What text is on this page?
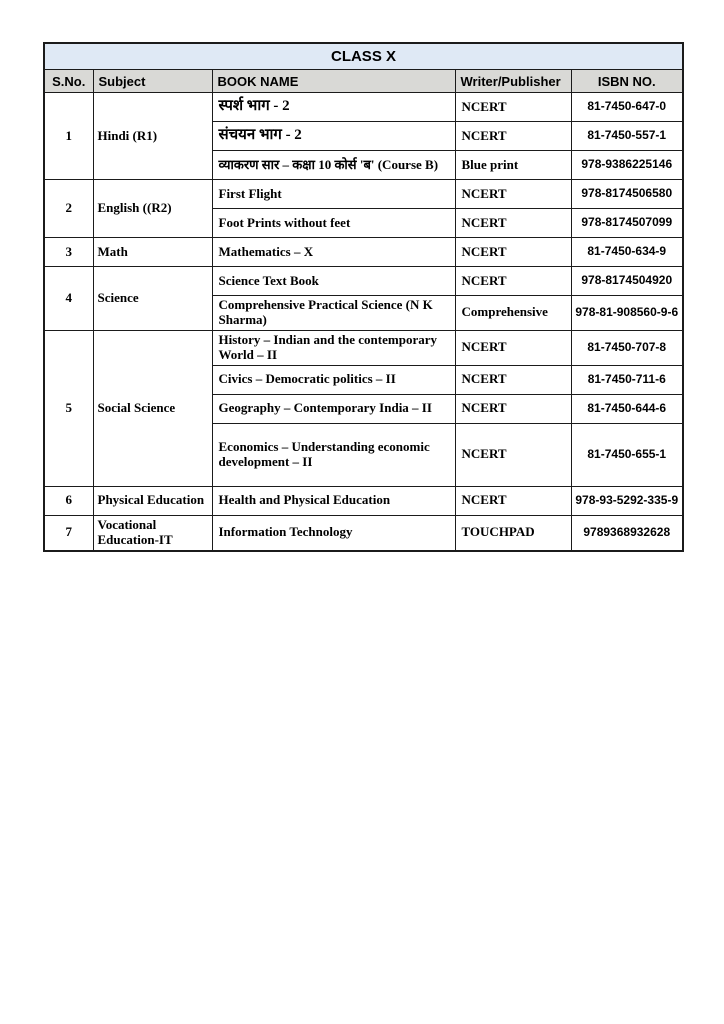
CLASS X				
S.No.	Subject	BOOK NAME	Writer/Publisher	ISBN NO.
1	Hindi (R1)	स्पर्श भाग - 2	NCERT	81-7450-647-0
		संचयन भाग - 2	NCERT	81-7450-557-1
		व्याकरण सार – कक्षा 10 कोर्स 'ब' (Course B)	Blue print	978-9386225146
2	English ((R2)	First Flight	NCERT	978-8174506580
		Foot Prints without feet	NCERT	978-8174507099
3	Math	Mathematics – X	NCERT	81-7450-634-9
4	Science	Science Text Book	NCERT	978-8174504920
		Comprehensive Practical Science (N K Sharma)	Comprehensive	978-81-908560-9-6
5	Social Science	History – Indian and the contemporary World – II	NCERT	81-7450-707-8
		Civics – Democratic politics – II	NCERT	81-7450-711-6
		Geography – Contemporary India – II	NCERT	81-7450-644-6
		Economics – Understanding economic development – II	NCERT	81-7450-655-1
6	Physical Education	Health and Physical Education	NCERT	978-93-5292-335-9
7	Vocational Education-IT	Information Technology	TOUCHPAD	9789368932628
